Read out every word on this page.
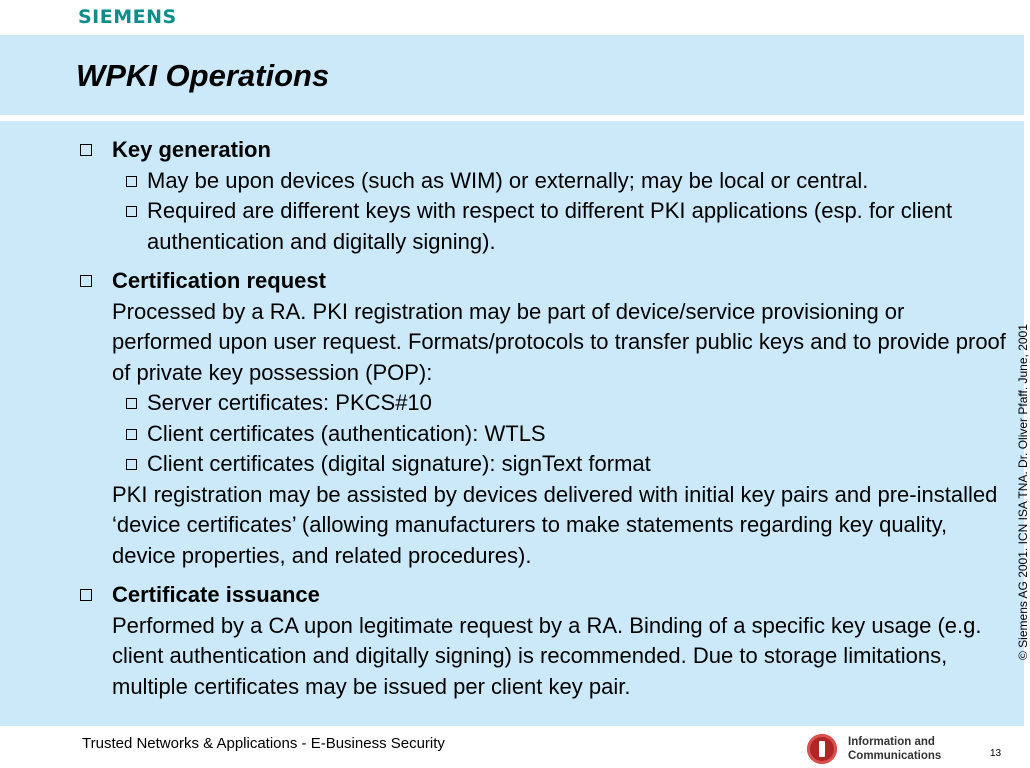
SIEMENS
WPKI Operations
Key generation
May be upon devices (such as WIM) or externally; may be local or central.
Required are different keys with respect to different PKI applications (esp. for client authentication and digitally signing).
Certification request
Processed by a RA. PKI registration may be part of device/service provisioning or performed upon user request. Formats/protocols to transfer public keys and to provide proof of private key possession (POP):
Server certificates: PKCS#10
Client certificates (authentication): WTLS
Client certificates (digital signature): signText format
PKI registration may be assisted by devices delivered with initial key pairs and pre-installed ‘device certificates’ (allowing manufacturers to make statements regarding key quality, device properties, and related procedures).
Certificate issuance
Performed by a CA upon legitimate request by a RA. Binding of a specific key usage (e.g. client authentication and digitally signing) is recommended. Due to storage limitations, multiple certificates may be issued per client key pair.
© Siemens AG 2001. ICN ISA TNA. Dr. Oliver Pfaff. June, 2001
Trusted Networks & Applications - E-Business Security	Information and
Communications	13
